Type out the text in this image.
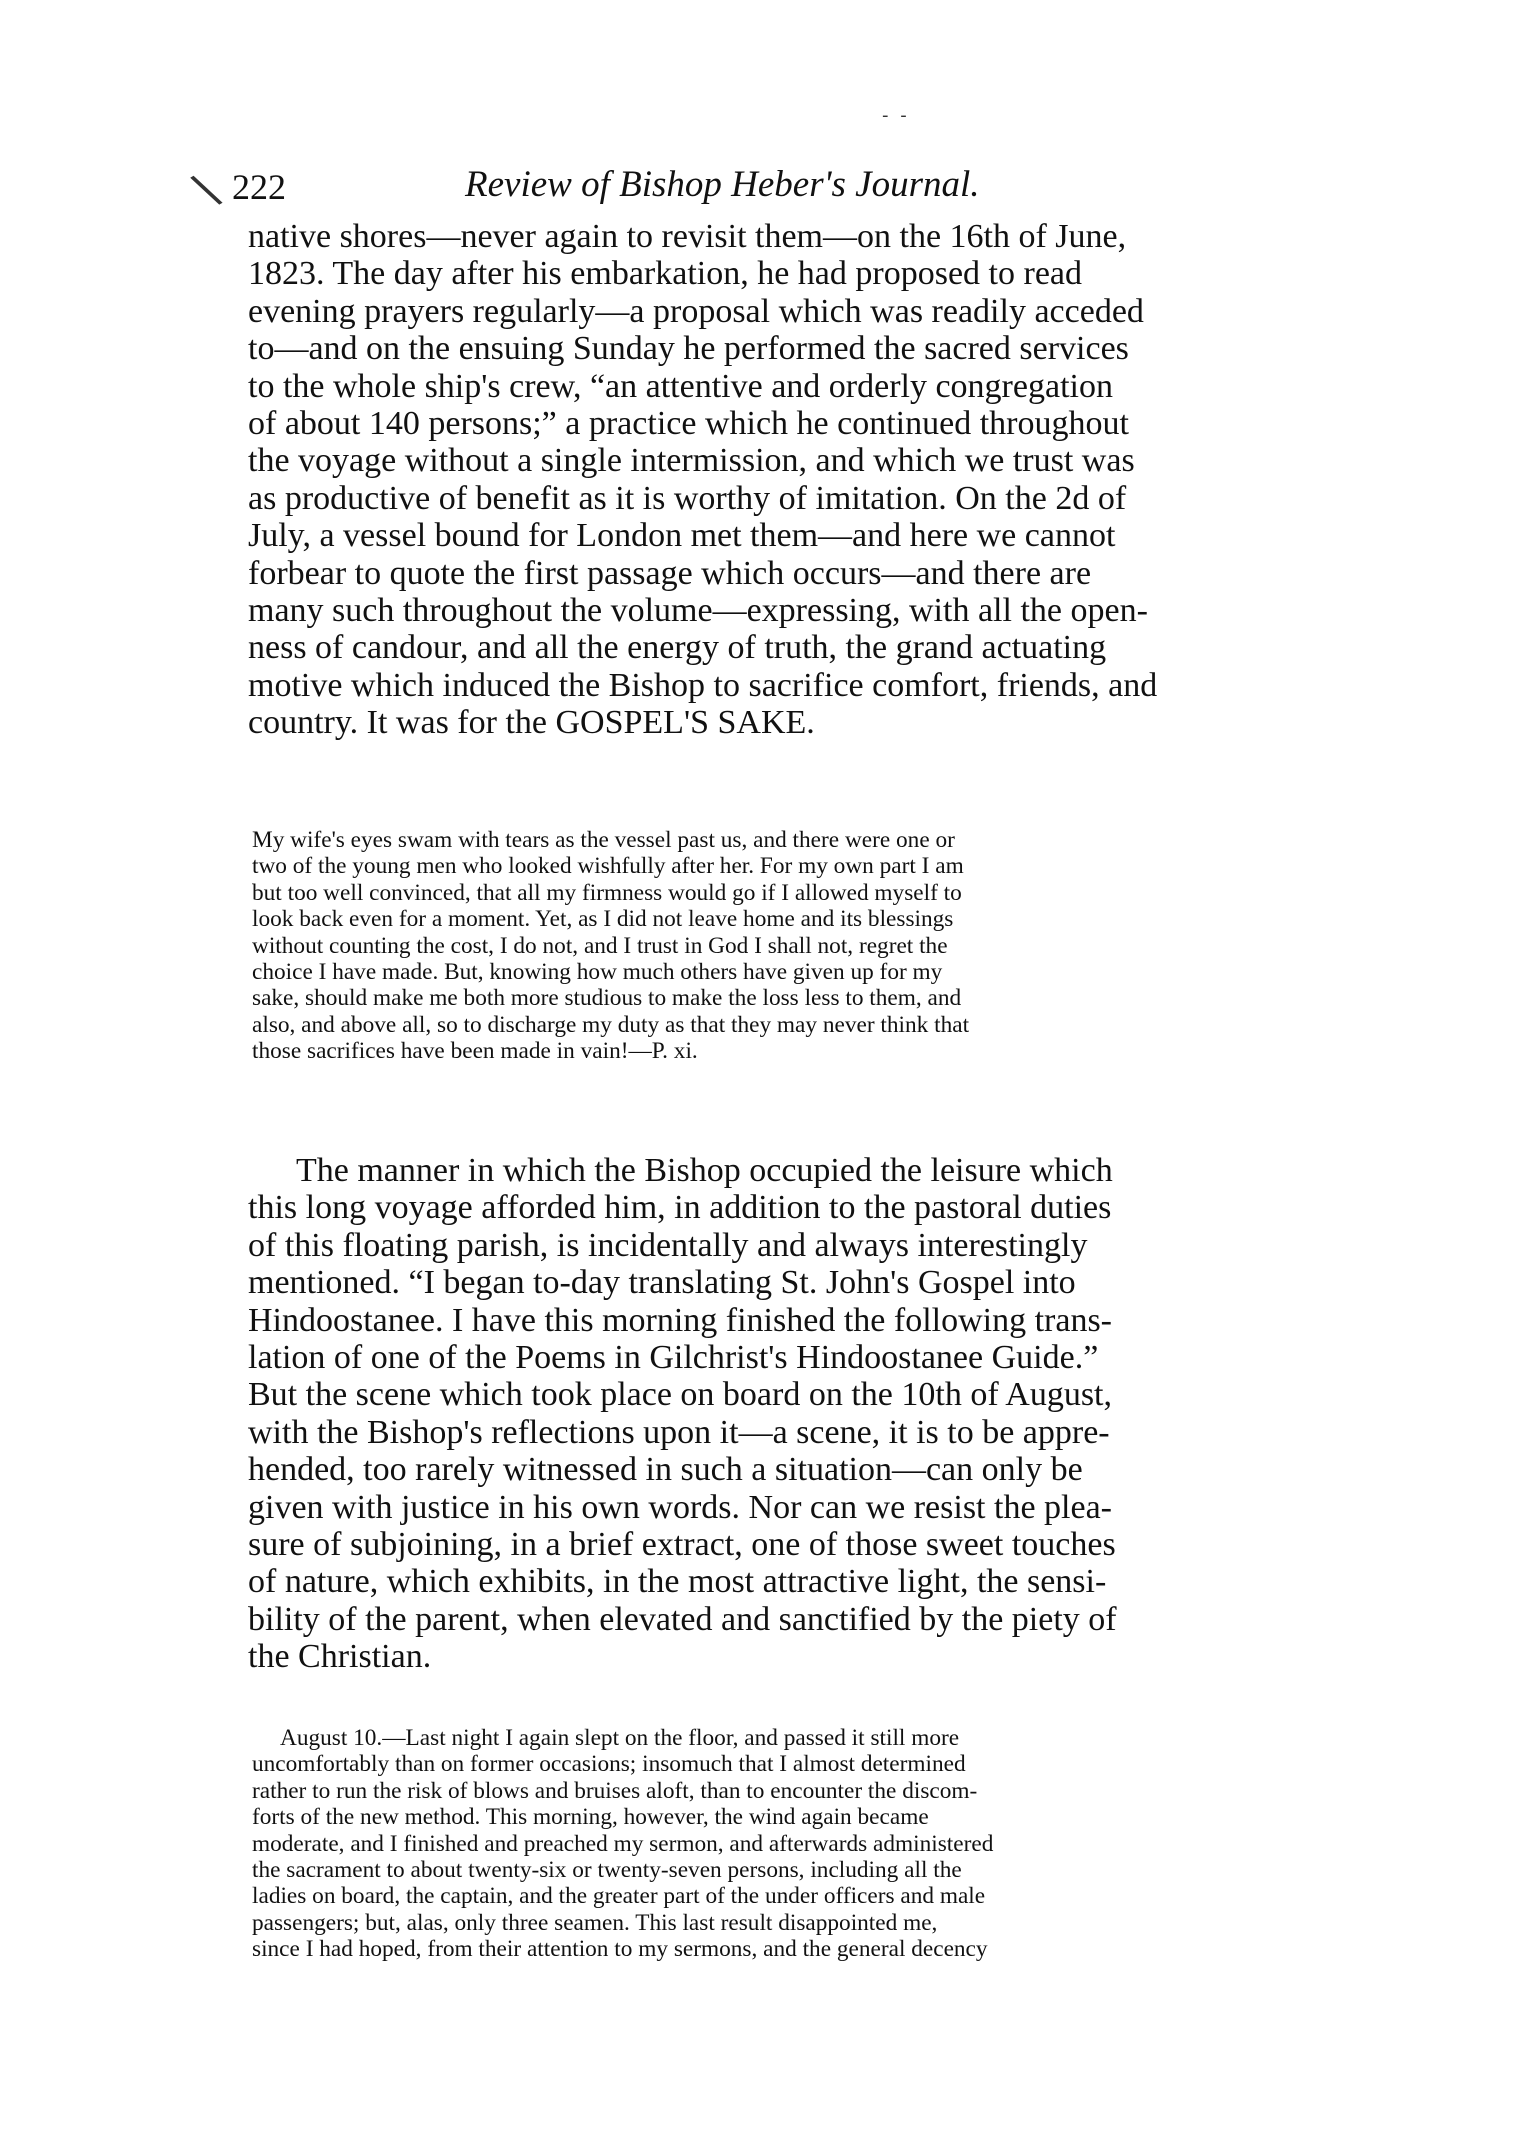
- -
\ 222	Review of Bishop Heber's Journal.
native shores—never again to revisit them—on the 16th of June,
1823. The day after his embarkation, he had proposed to read
evening prayers regularly—a proposal which was readily acceded
to—and on the ensuing Sunday he performed the sacred services
to the whole ship's crew, “an attentive and orderly congregation
of about 140 persons;” a practice which he continued throughout
the voyage without a single intermission, and which we trust was
as productive of benefit as it is worthy of imitation. On the 2d of
July, a vessel bound for London met them—and here we cannot
forbear to quote the first passage which occurs—and there are
many such throughout the volume—expressing, with all the open-
ness of candour, and all the energy of truth, the grand actuating
motive which induced the Bishop to sacrifice comfort, friends, and
country. It was for the GOSPEL'S SAKE.
My wife's eyes swam with tears as the vessel past us, and there were one or
two of the young men who looked wishfully after her. For my own part I am
but too well convinced, that all my firmness would go if I allowed myself to
look back even for a moment. Yet, as I did not leave home and its blessings
without counting the cost, I do not, and I trust in God I shall not, regret the
choice I have made. But, knowing how much others have given up for my
sake, should make me both more studious to make the loss less to them, and
also, and above all, so to discharge my duty as that they may never think that
those sacrifices have been made in vain!—P. xi.
The manner in which the Bishop occupied the leisure which
this long voyage afforded him, in addition to the pastoral duties
of this floating parish, is incidentally and always interestingly
mentioned. “I began to-day translating St. John's Gospel into
Hindoostanee. I have this morning finished the following trans-
lation of one of the Poems in Gilchrist's Hindoostanee Guide.”
But the scene which took place on board on the 10th of August,
with the Bishop's reflections upon it—a scene, it is to be appre-
hended, too rarely witnessed in such a situation—can only be
given with justice in his own words. Nor can we resist the plea-
sure of subjoining, in a brief extract, one of those sweet touches
of nature, which exhibits, in the most attractive light, the sensi-
bility of the parent, when elevated and sanctified by the piety of
the Christian.
August 10.—Last night I again slept on the floor, and passed it still more
uncomfortably than on former occasions; insomuch that I almost determined
rather to run the risk of blows and bruises aloft, than to encounter the discom-
forts of the new method. This morning, however, the wind again became
moderate, and I finished and preached my sermon, and afterwards administered
the sacrament to about twenty-six or twenty-seven persons, including all the
ladies on board, the captain, and the greater part of the under officers and male
passengers; but, alas, only three seamen. This last result disappointed me,
since I had hoped, from their attention to my sermons, and the general decency
